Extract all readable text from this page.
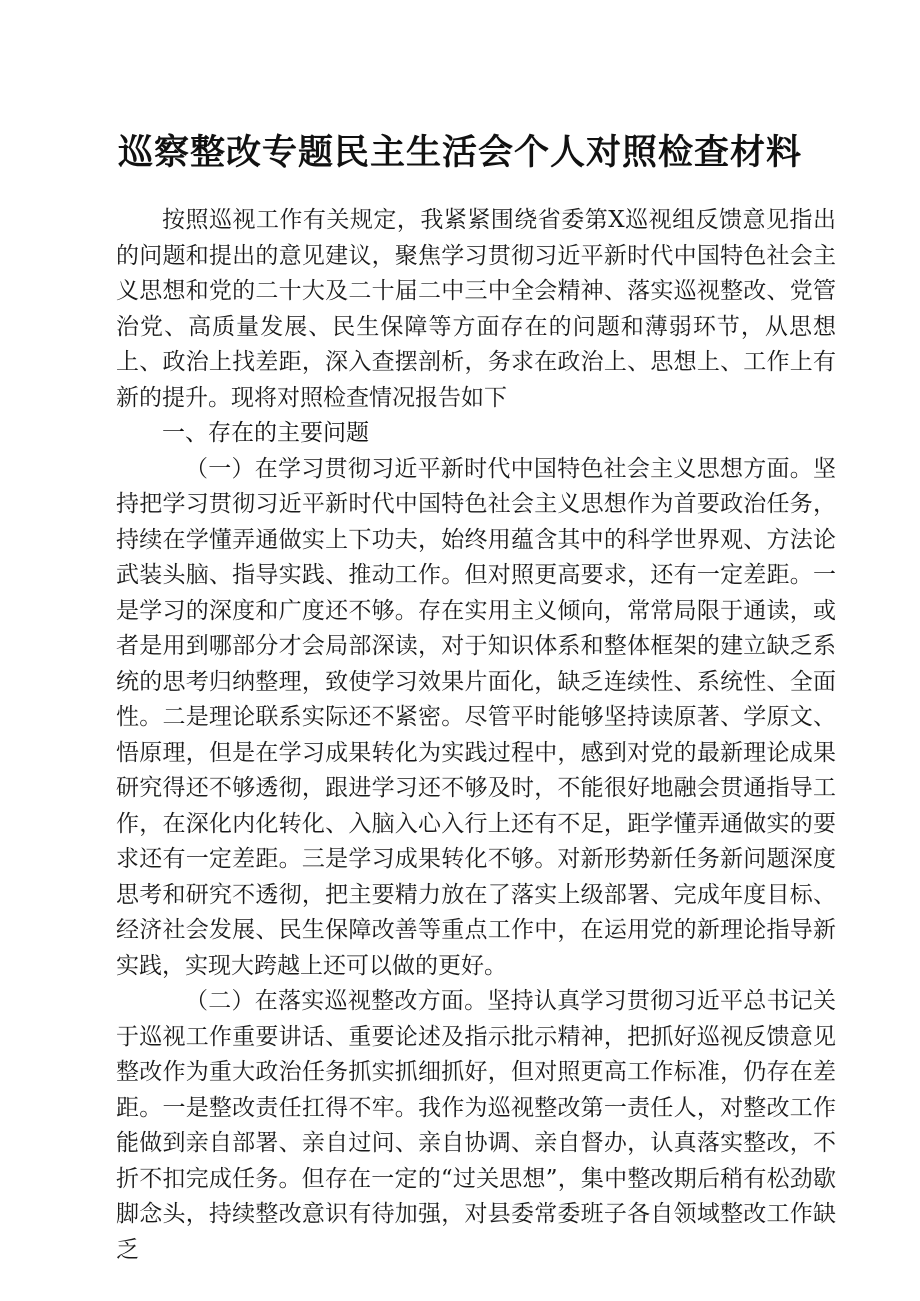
巡察整改专题民主生活会个人对照检查材料

按照巡视工作有关规定，我紧紧围绕省委第X巡视组反馈意见指出的问题和提出的意见建议，聚焦学习贯彻习近平新时代中国特色社会主义思想和党的二十大及二十届二中三中全会精神、落实巡视整改、党管治党、高质量发展、民生保障等方面存在的问题和薄弱环节，从思想上、政治上找差距，深入查摆剖析，务求在政治上、思想上、工作上有新的提升。现将对照检查情况报告如下

一、存在的主要问题

（一）在学习贯彻习近平新时代中国特色社会主义思想方面。坚持把学习贯彻习近平新时代中国特色社会主义思想作为首要政治任务，持续在学懂弄通做实上下功夫，始终用蕴含其中的科学世界观、方法论武装头脑、指导实践、推动工作。但对照更高要求，还有一定差距。一是学习的深度和广度还不够。存在实用主义倾向，常常局限于通读，或者是用到哪部分才会局部深读，对于知识体系和整体框架的建立缺乏系统的思考归纳整理，致使学习效果片面化，缺乏连续性、系统性、全面性。二是理论联系实际还不紧密。尽管平时能够坚持读原著、学原文、悟原理，但是在学习成果转化为实践过程中，感到对党的最新理论成果研究得还不够透彻，跟进学习还不够及时，不能很好地融会贯通指导工作，在深化内化转化、入脑入心入行上还有不足，距学懂弄通做实的要求还有一定差距。三是学习成果转化不够。对新形势新任务新问题深度思考和研究不透彻，把主要精力放在了落实上级部署、完成年度目标、经济社会发展、民生保障改善等重点工作中，在运用党的新理论指导新实践，实现大跨越上还可以做的更好。

（二）在落实巡视整改方面。坚持认真学习贯彻习近平总书记关于巡视工作重要讲话、重要论述及指示批示精神，把抓好巡视反馈意见整改作为重大政治任务抓实抓细抓好，但对照更高工作标准，仍存在差距。一是整改责任扛得不牢。我作为巡视整改第一责任人，对整改工作能做到亲自部署、亲自过问、亲自协调、亲自督办，认真落实整改，不折不扣完成任务。但存在一定的“过关思想”，集中整改期后稍有松劲歇脚念头，持续整改意识有待加强，对县委常委班子各自领域整改工作缺乏
